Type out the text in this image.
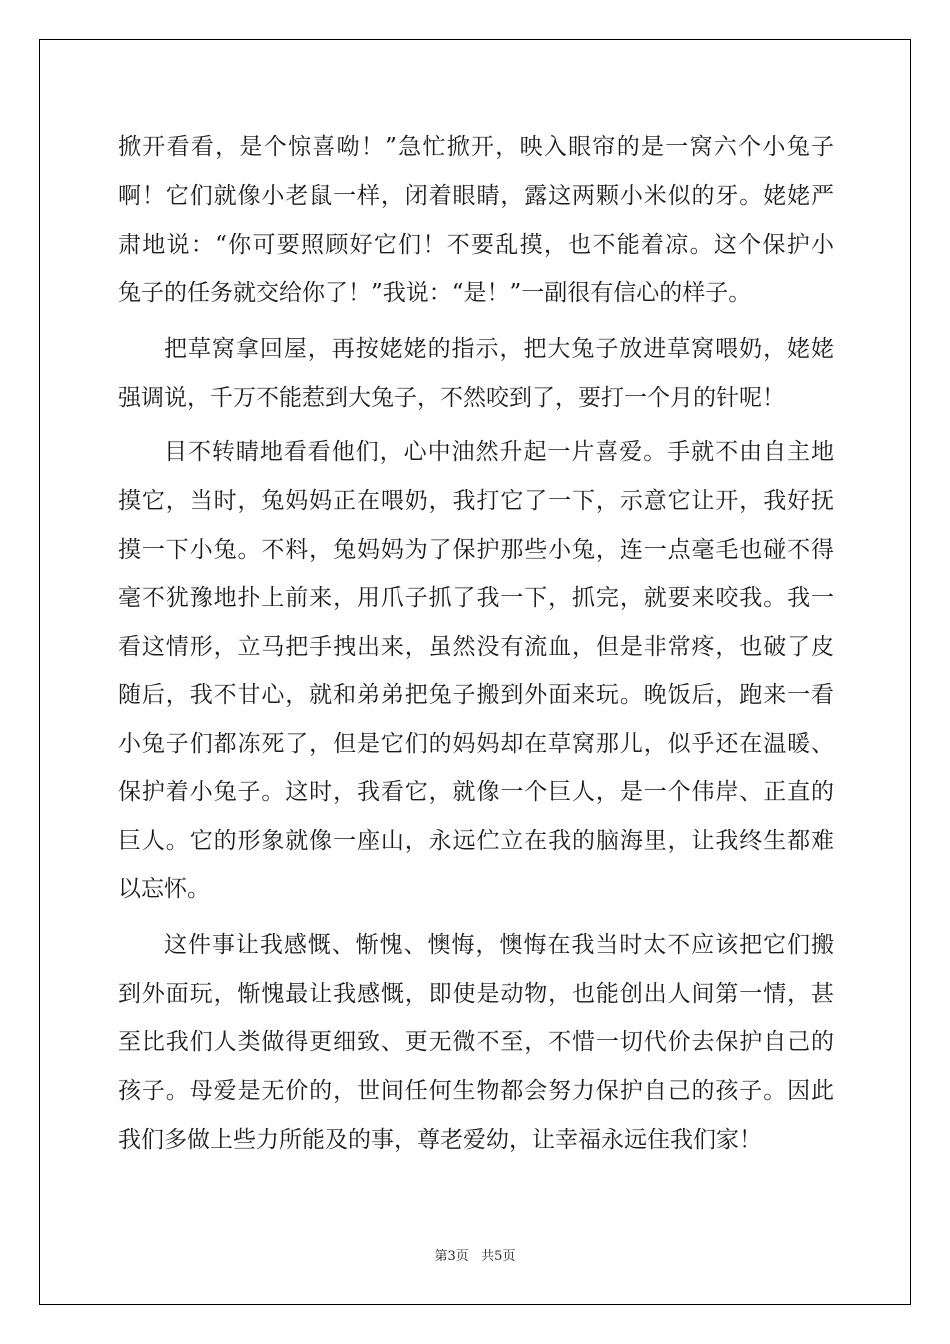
掀开看看，是个惊喜呦！”急忙掀开，映入眼帘的是一窝六个小兔子
啊！它们就像小老鼠一样，闭着眼睛，露这两颗小米似的牙。姥姥严
肃地说：“你可要照顾好它们！不要乱摸，也不能着凉。这个保护小
兔子的任务就交给你了！”我说：“是！”一副很有信心的样子。
把草窝拿回屋，再按姥姥的指示，把大兔子放进草窝喂奶，姥姥
强调说，千万不能惹到大兔子，不然咬到了，要打一个月的针呢！
目不转睛地看看他们，心中油然升起一片喜爱。手就不由自主地
摸它，当时，兔妈妈正在喂奶，我打它了一下，示意它让开，我好抚
摸一下小兔。不料，兔妈妈为了保护那些小兔，连一点毫毛也碰不得
毫不犹豫地扑上前来，用爪子抓了我一下，抓完，就要来咬我。我一
看这情形，立马把手拽出来，虽然没有流血，但是非常疼，也破了皮
随后，我不甘心，就和弟弟把兔子搬到外面来玩。晚饭后，跑来一看
小兔子们都冻死了，但是它们的妈妈却在草窝那儿，似乎还在温暖、
保护着小兔子。这时，我看它，就像一个巨人，是一个伟岸、正直的
巨人。它的形象就像一座山，永远伫立在我的脑海里，让我终生都难
以忘怀。
这件事让我感慨、惭愧、懊悔，懊悔在我当时太不应该把它们搬
到外面玩，惭愧最让我感慨，即使是动物，也能创出人间第一情，甚
至比我们人类做得更细致、更无微不至，不惜一切代价去保护自己的
孩子。母爱是无价的，世间任何生物都会努力保护自己的孩子。因此
我们多做上些力所能及的事，尊老爱幼，让幸福永远住我们家！
第3页   共5页
